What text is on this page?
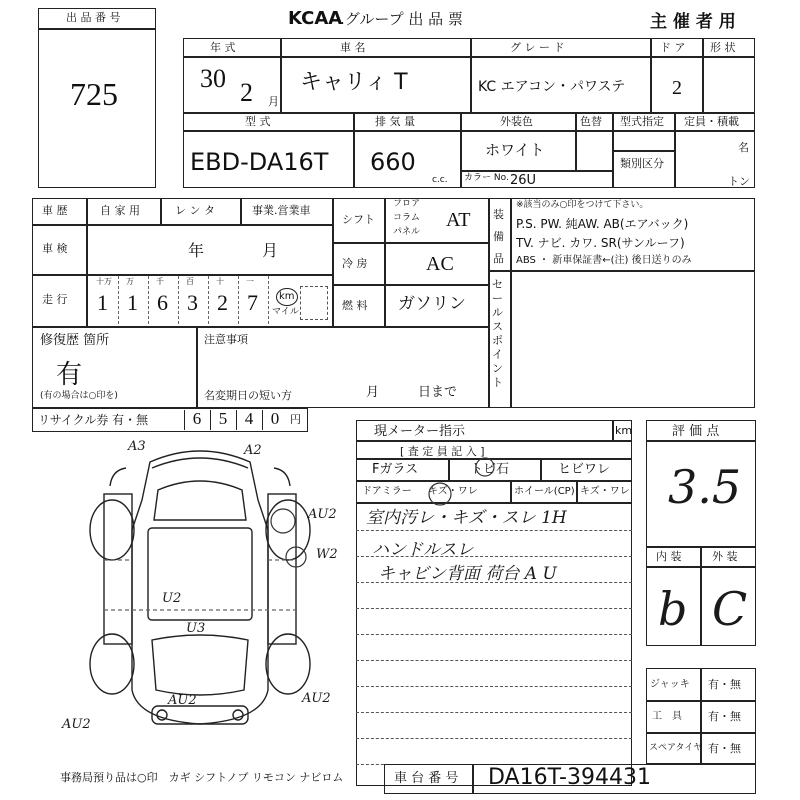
出 品 番 号
725
KCAA
.グループ 出 品 票	主 催 者 用
年 式
30 2 月
車 名
キャリィ T
グ レ ー ド
KC エアコン・パワステ
ド ア
2
形 状
型 式
EBD-DA16T
排 気 量
660
c.c.
外装色
ホワイト
色替
カラー No. 26U
型式指定
類別区分
定員・積載
名
トン
車 歴	自 家 用	レ ン タ	事業.営業車
車 検	年	月
走 行
十万
1
万
1
千
6
百
3
十
2
一
7	km
マイル
シフト
フロア
コラム
パネル
AT
冷 房	AC
燃 料 ガソリン
装 備 品
※該当のみ○印をつけて下さい。
P.S. PW. 純AW. AB(エアバック)
TV. ナビ. カワ. SR(サンルーフ)
ABS ・ 新車保証書←(注) 後日送りのみ
セールスポイント
修復歴 箇所
有
(有の場合は○印を)
注意事項
名変期日の短い方	月	日まで
リサイクル券 有・無	6	5	4	0 円
現メーター指示	km
[ 査 定 員 記 入 ]
Fガラス	トビ石	ヒビワレ
ドアミラー キズ・ワレ	ホイール(CP) キズ・ワレ
室内汚レ・キズ・スレ 1H
ハンドルスレ
キャビン背面 荷台 A U
評 価 点
3.5
内 装	外 装
b C
ジャッキ 有・無
工　具 有・無
スペアタイヤ 有・無
A3	A2
AU2
W2
U2
U3
AU2	AU2
AU2
事務局預り品は○印　カギ シフトノブ リモコン ナビロム	車 台 番 号 DA16T-394431
